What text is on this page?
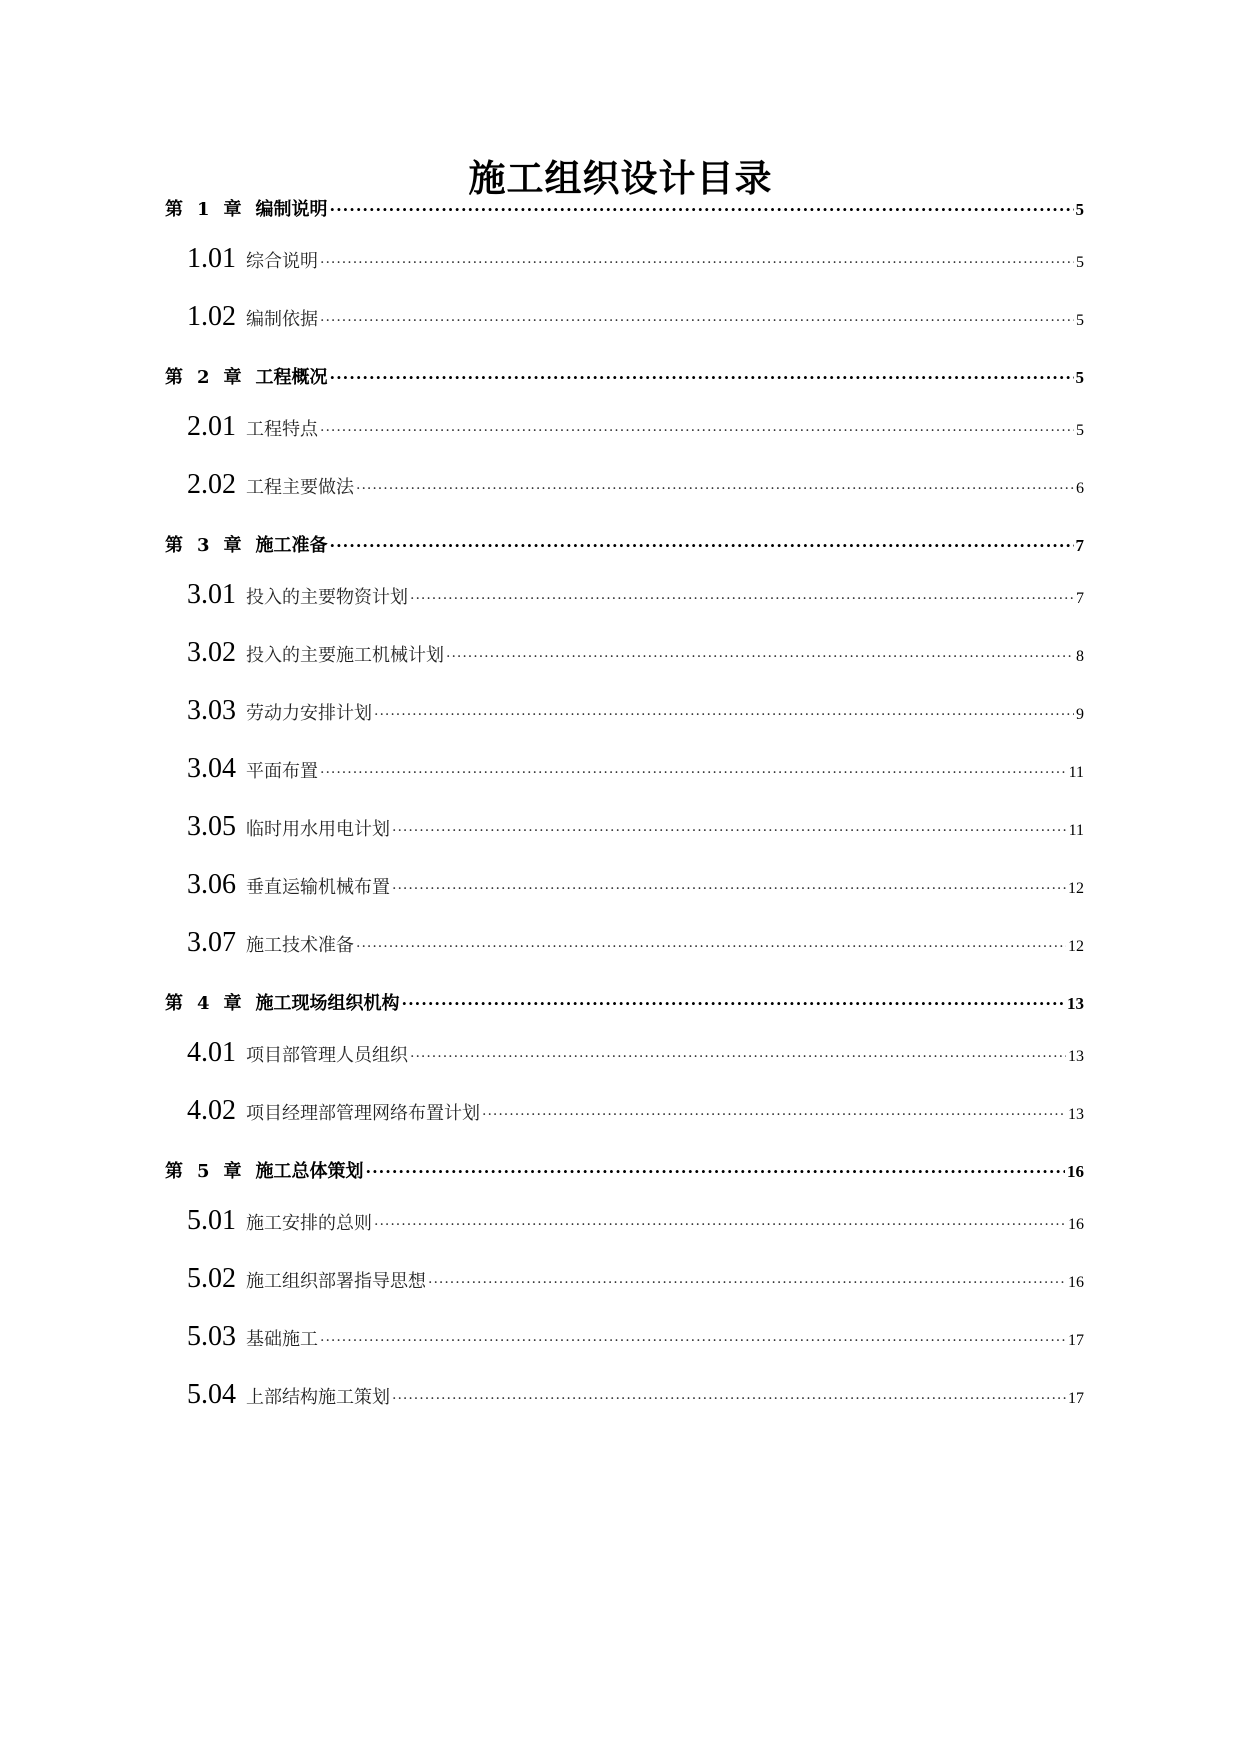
施工组织设计目录
第 1 章 编制说明 .....	5
1.01 综合说明 .....	5
1.02 编制依据 .....	5
第 2 章 工程概况 .....	5
2.01 工程特点 .....	5
2.02 工程主要做法 .....	6
第 3 章 施工准备 .....	7
3.01 投入的主要物资计划 .....	7
3.02 投入的主要施工机械计划 .....	8
3.03 劳动力安排计划 .....	9
3.04 平面布置 .....	11
3.05 临时用水用电计划 .....	11
3.06 垂直运输机械布置 .....	12
3.07 施工技术准备 .....	12
第 4 章 施工现场组织机构 .....	13
4.01 项目部管理人员组织 .....	13
4.02 项目经理部管理网络布置计划 .....	13
第 5 章 施工总体策划 .....	16
5.01 施工安排的总则 .....	16
5.02 施工组织部署指导思想 .....	16
5.03 基础施工 .....	17
5.04 上部结构施工策划 .....	17
